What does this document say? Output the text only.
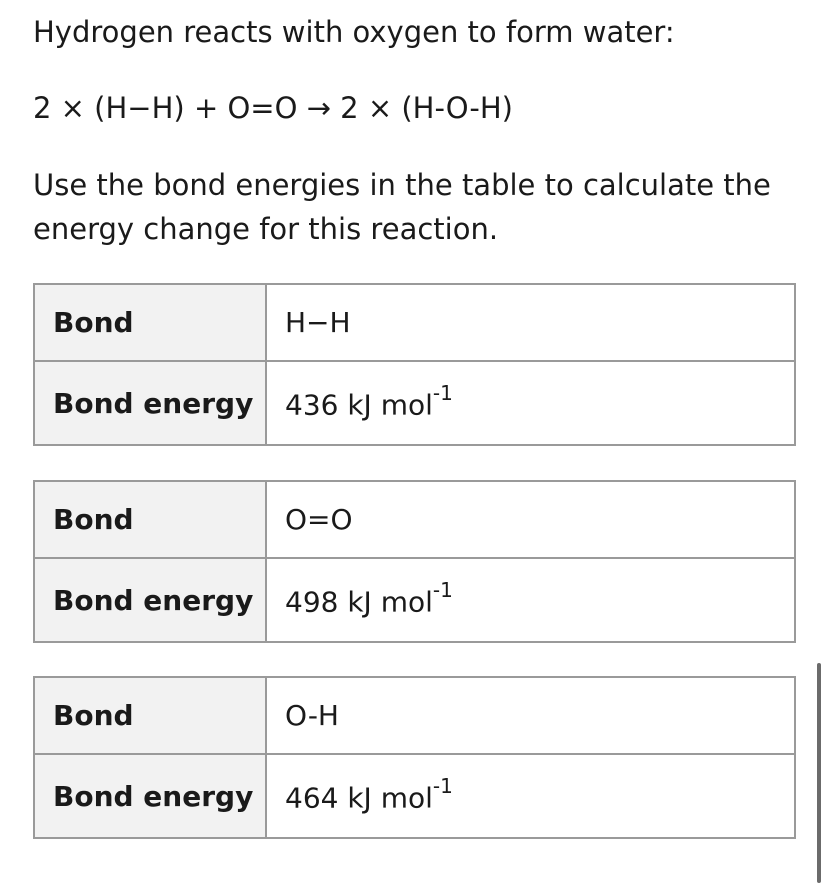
Hydrogen reacts with oxygen to form water:

2 × (H−H) + O=O → 2 × (H-O-H)

Use the bond energies in the table to calculate the energy change for this reaction.

Bond	H−H
Bond energy	436 kJ mol$^{-1}$
Bond	O=O
Bond energy	498 kJ mol$^{-1}$
Bond	O-H
Bond energy	464 kJ mol$^{-1}$
